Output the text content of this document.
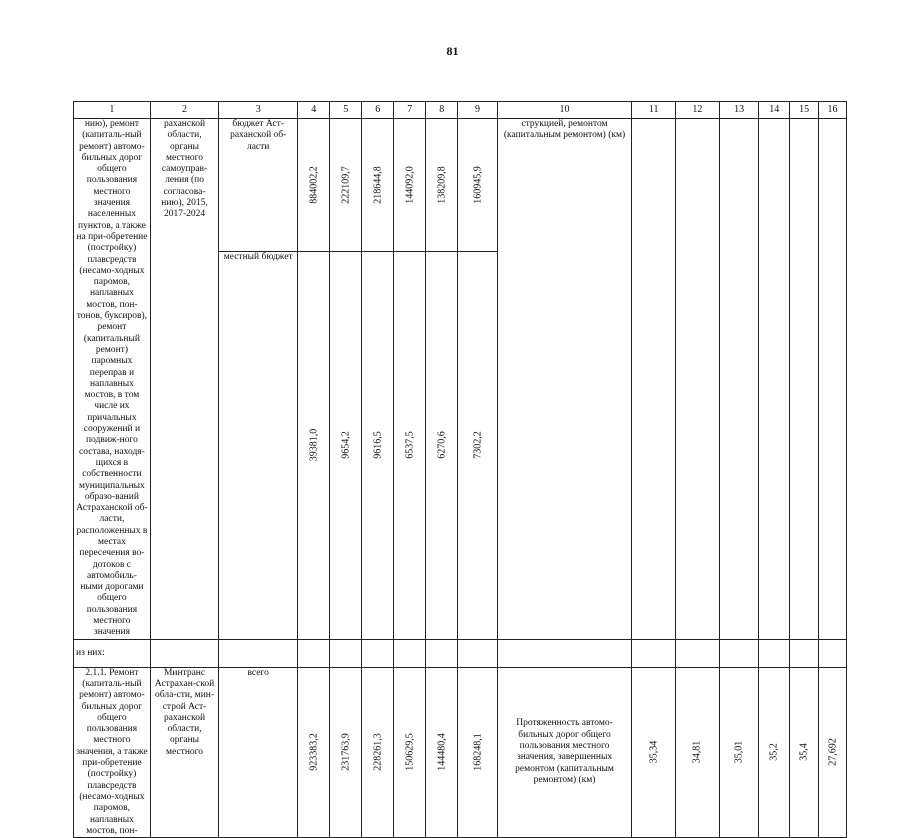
81
1	2	3	4	5	6	7	8	9	10	11	12	13	14	15	16
нию), ремонт (капиталь-ный ремонт) автомо-бильных дорог общего пользования местного значения населенных пунктов, а также на при-обретение (постройку) плавсредств (несамо-ходных паромов, наплавных мостов, пон-тонов, буксиров), ремонт (капитальный ремонт) паромных переправ и наплавных мостов, в том числе их причальных сооружений и подвиж-ного состава, находя-щихся в собственности муниципальных образо-ваний Астраханской об-ласти, расположенных в местах пересечения во-дотоков с автомобиль-ными дорогами общего пользования местного значения	раханской области, органы местного самоуправ-ления (по согласова-нию), 2015, 2017-2024	бюджет Аст-раханской об-ласти	884002,2	222109,7	218644,8	144092,0	138209,8	160945,9	струкцией, ремонтом (капитальным ремонтом) (км)						
		местный бюджет	39381,0	9654,2	9616,5	6537,5	6270,6	7302,2							

из них:															
2.1.1. Ремонт (капиталь-ный ремонт) автомо-бильных дорог общего пользования местного значения, а также при-обретение (постройку) плавсредств (несамо-ходных паромов, наплавных мостов, пон-	Минтранс Астрахан-ской обла-сти, мин-строй Аст-раханской области, органы местного	всего	923383,2	231763,9	228261,3	150629,5	144480,4	168248,1	Протяженность автомо-бильных дорог общего пользования местного значения, завершенных ремонтом (капитальным ремонтом) (км)	35,34	34,81	35,01	35,2	35,4	27,692
